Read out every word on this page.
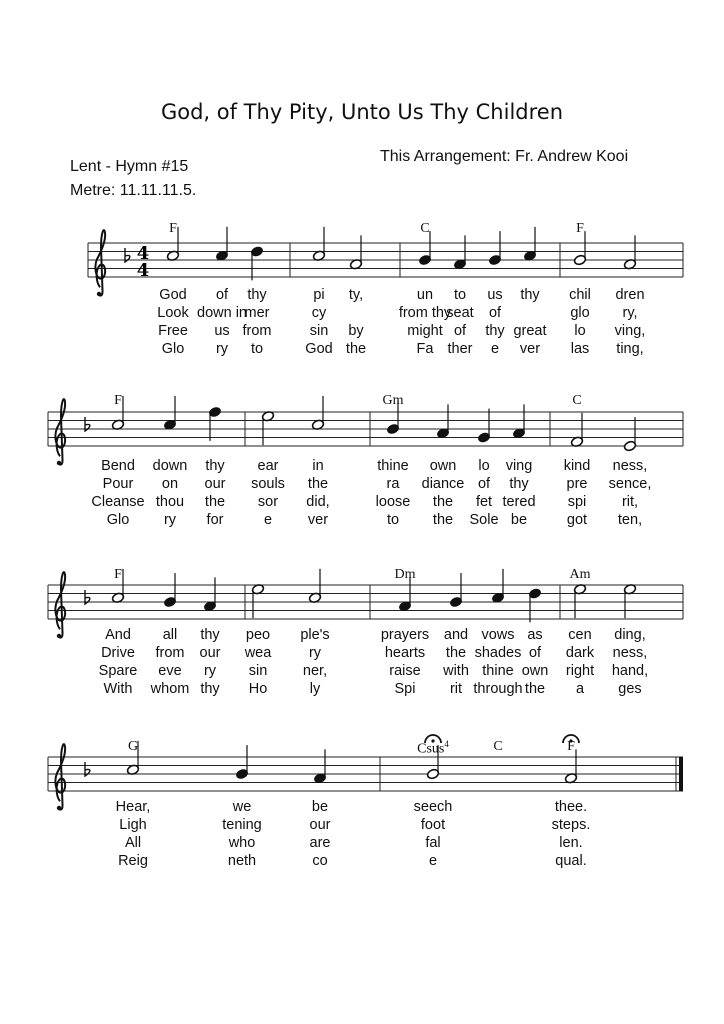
God, of Thy Pity, Unto Us Thy Children
Lent - Hymn #15
Metre: 11.11.11.5.
This Arrangement: Fr. Andrew Kooi
4
4
F	C	F
God of thy	pi ty,	un to us thy chil dren
Look down in
mer	cy	from thy
seat of	glo ry,
Free us from	sin by	might of thy great lo ving,
Glo ry to	God the	Fa ther e ver las ting,
F	Gm	C
Bend down thy ear in	thine own lo ving kind ness,
Pour on our souls the	ra diance of thy	pre sence,
Cleanse thou the sor did,	loose the fet tered spi rit,
Glo ry for	e ver	to the Sole be	got ten,
F	Dm	Am
And all thy peo ple's	prayers and vows as cen ding,
Drive from our wea	ry	hearts the shades of dark ness,
Spare eve ry sin ner,	raise with thine own right hand,
With whom thy Ho	ly	Spi rit through the a ges
G	Csus$^4$	C	F
Hear,	we	be	seech	thee.
Ligh	tening	our	foot	steps.
All	who	are	fal	len.
Reig	neth	co	e	qual.
